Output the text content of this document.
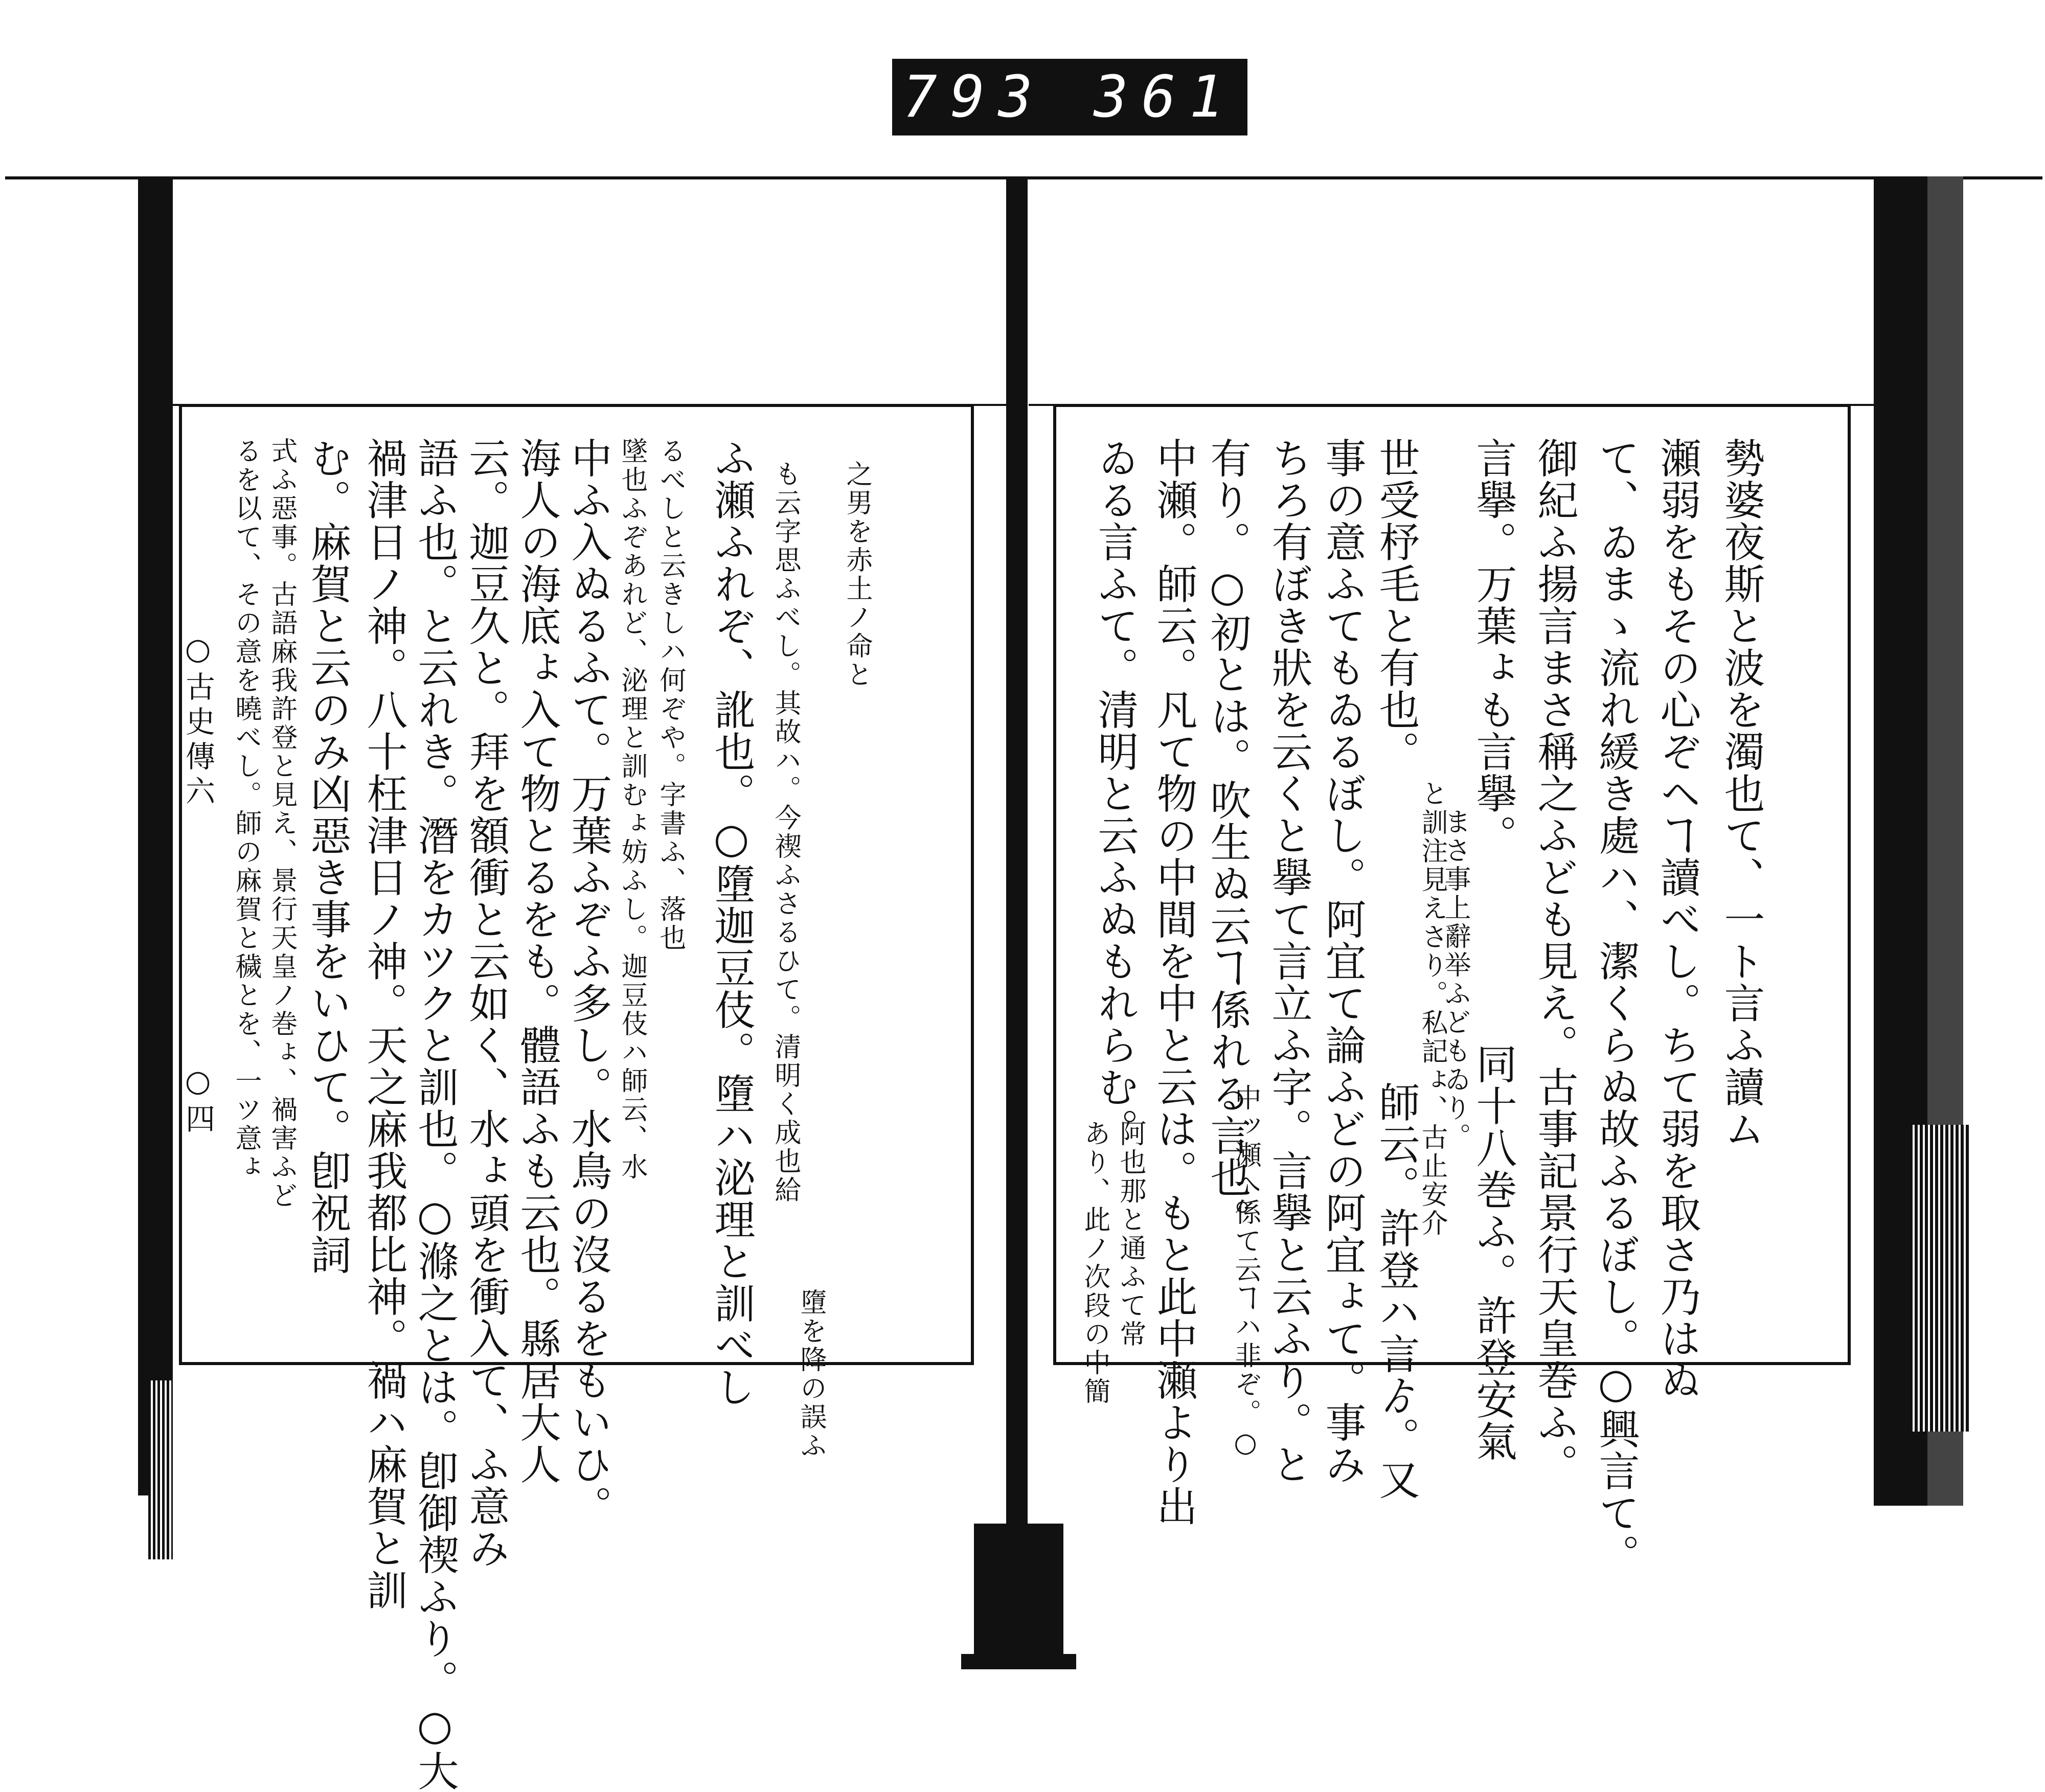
793 361
○古史傳六
○四 るを以て、その意を曉べし。師の麻賀と穢とを、一ツ意ょ 式ふ惡事。古語麻我許登と見え、景行天皇ノ巻ょ、禍害ふど む。麻賀と云のみ凶惡き事をいひて。卽祝詞 禍津日ノ神。八十枉津日ノ神。天之麻我都比神。禍ハ麻賀と訓 語ふ也。と云れき。潛をカツクと訓也。○滌之とは。卽御禊ふり。○大 云。迦豆久と。拜を額衝と云如く、水ょ頭を衝入て、ふ意み 海人の海底ょ入て物とるをも。體語ふも云也。縣居大人 中ふ入ぬるふて。万葉ふぞふ多し。水鳥の沒るをもいひ。 墜也ふぞあれど、泌理と訓むょ妨ふし。迦豆伎ハ師云、水 るべしと云きしハ何ぞや。字書ふ、落也 ふ瀬ふれぞ、訛也。○墮迦豆伎。墮ハ泌理と訓べし も云字思ふべし。其故ハ。今禊ふさるひて。清明く成也給 之男を赤土ノ命と
墮を降の誤ふ	あり、此ノ次段の中簡 阿也那と通ふて常
ゐる言ふて。清明と云ふぬもれらむ。 中瀬。師云。凡て物の中間を中と云は。もと此中瀬より出 有り。○初とは。吹生ぬ云ヿ係れる言也。
中ッ瀬へ係て云ヿハ非ぞ。○ ちろ有ぼき狀を云くと擧て言立ふ字。言擧と云ふり。と 事の意ふてもゐるぼし。阿宜て論ふどの阿宜ょて。事み 世受杼毛と有也。
と訓注見えさり。私記ょ、古止安介
師云。許登ハ言ゟ。又
言擧。万葉ょも言擧。
まさ事上辭举ふどもゐり。
同十八巻ふ。許登安氣 御紀ふ揚言まさ稱之ふども見え。古事記景行天皇巻ふ。 て、ゐまゝ流れ緩き處ハ、潔くらぬ故ふるぼし。○興言て。 瀬弱をもその心ぞヘヿ讀べし。ちて弱を取さ乃はぬ 勢婆夜斯と波を濁也て、一ト言ふ讀ム
